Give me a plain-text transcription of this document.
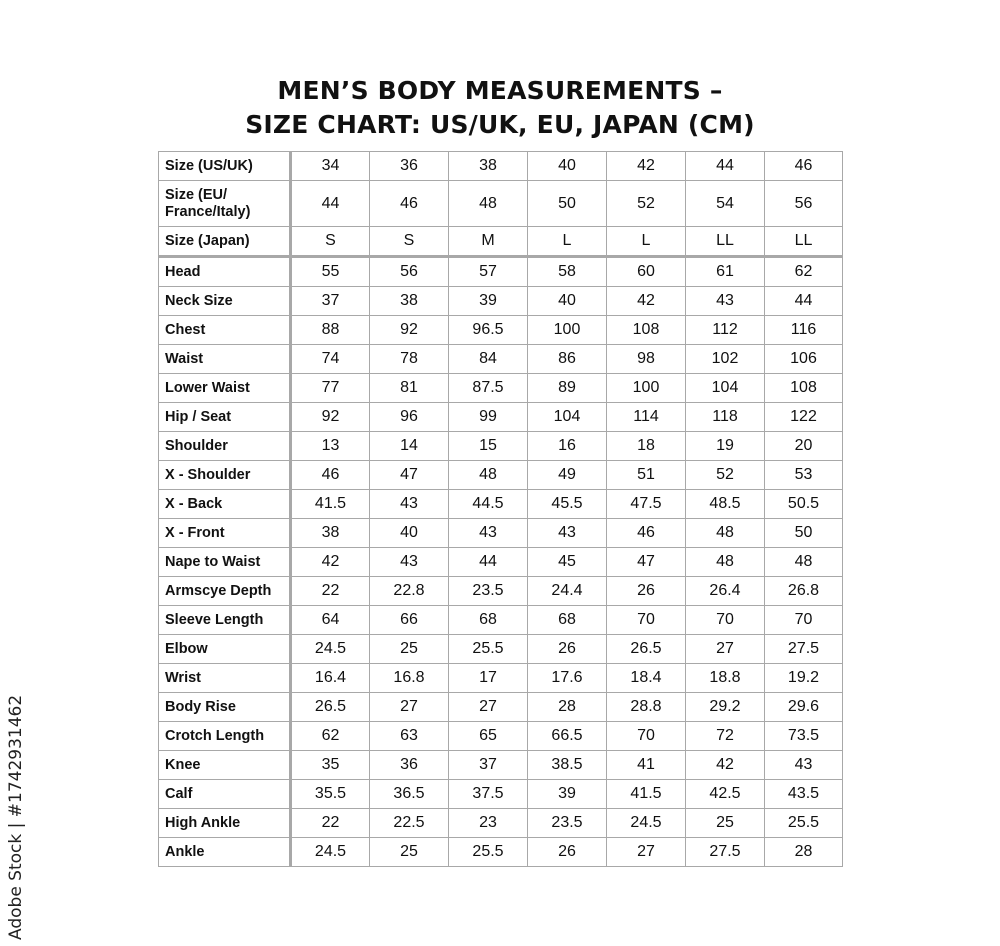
MEN’S BODY MEASUREMENTS –
SIZE CHART: US/UK, EU, JAPAN (CM)
Size (US/UK)	34	36	38	40	42	44	46
Size (EU/ France/Italy)	44	46	48	50	52	54	56
Size (Japan)	S	S	M	L	L	LL	LL
Head	55	56	57	58	60	61	62
Neck Size	37	38	39	40	42	43	44
Chest	88	92	96.5	100	108	112	116
Waist	74	78	84	86	98	102	106
Lower Waist	77	81	87.5	89	100	104	108
Hip / Seat	92	96	99	104	114	118	122
Shoulder	13	14	15	16	18	19	20
X - Shoulder	46	47	48	49	51	52	53
X - Back	41.5	43	44.5	45.5	47.5	48.5	50.5
X - Front	38	40	43	43	46	48	50
Nape to Waist	42	43	44	45	47	48	48
Armscye Depth	22	22.8	23.5	24.4	26	26.4	26.8
Sleeve Length	64	66	68	68	70	70	70
Elbow	24.5	25	25.5	26	26.5	27	27.5
Wrist	16.4	16.8	17	17.6	18.4	18.8	19.2
Body Rise	26.5	27	27	28	28.8	29.2	29.6
Crotch Length	62	63	65	66.5	70	72	73.5
Knee	35	36	37	38.5	41	42	43
Calf	35.5	36.5	37.5	39	41.5	42.5	43.5
High Ankle	22	22.5	23	23.5	24.5	25	25.5
Ankle	24.5	25	25.5	26	27	27.5	28
Adobe Stock | #1742931462
